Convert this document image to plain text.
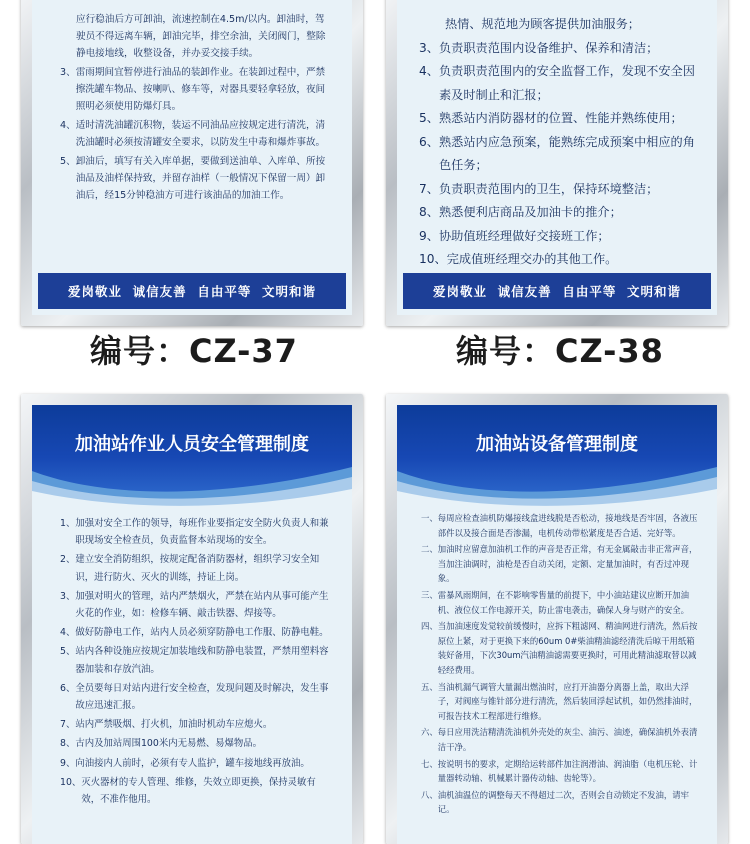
应行稳油后方可卸油，流速控制在4.5m/以内。卸油时，驾驶员不得远离车辆，卸油完毕，排空余油，关闭阀门，整除静电接地线，收整设备，并办妥交接手续。
3、 雷雨期间宜暂停进行油品的装卸作业。在装卸过程中，严禁擦洗罐车物品、按喇叭、修车等，对器具要轻拿轻放，夜间照明必须使用防爆灯具。
4、 适时清洗油罐沉积物，装运不同油品应按规定进行清洗，清洗油罐时必须按清罐安全要求，以防发生中毒和爆炸事故。
5、 卸油后，填写有关入库单据，要做到送油单、入库单、所按油品及油样保持致，并留存油样（一般情况下保留一周）卸油后，经15分钟稳油方可进行该油品的加油工作。
爱岗敬业  诚信友善  自由平等  文明和谐
热情、规范地为顾客提供加油服务；
3、 负责职责范围内设备维护、保养和清洁；
4、 负责职责范围内的安全监督工作，发现不安全因素及时制止和汇报；
5、 熟悉站内消防器材的位置、性能并熟练使用；
6、 熟悉站内应急预案，能熟练完成预案中相应的角色任务；
7、 负责职责范围内的卫生，保持环境整洁；
8、 熟悉便利店商品及加油卡的推介；
9、 协助值班经理做好交接班工作；
10、 完成值班经理交办的其他工作。
爱岗敬业  诚信友善  自由平等  文明和谐
编号：CZ-37	编号：CZ-38
加油站作业人员安全管理制度
1、 加强对安全工作的领导，每班作业要指定安全防火负责人和兼职现场安全检查员，负责监督本站现场的安全。
2、 建立安全消防组织，按规定配备消防器材，组织学习安全知识，进行防火、灭火的训练，持证上岗。
3、 加强对明火的管理，站内严禁烟火，严禁在站内从事可能产生火花的作业，如：检修车辆、敲击铁器、焊接等。
4、 做好防静电工作，站内人员必须穿防静电工作服、防静电鞋。
5、 站内各种设施应按规定加装地线和防静电装置，严禁用塑料容器加装和存放汽油。
6、 全员要每日对站内进行安全检查，发现问题及时解决，发生事故应迅速汇报。
7、 站内严禁吸烟、打火机，加油时机动车应熄火。
8、 古内及加站周围100米内无易燃、易爆物品。
9、 向油接内人前时，必须有专人监护，罐车接地线再放油。
10、 灭火器材的专人管理、维修，失效立即更换，保持灵敏有效，不准作他用。
加油站设备管理制度
一、 每周应检查油机防爆接线盒进线脱是否松动，接地线是否牢固，各液压部件以及接合面是否渗漏，电机传动带松紧度是否合适、完好等。
二、 加油时应留意加油机工作的声音是否正常，有无金属敲击非正常声音，当加注油调时，油枪是否自动关闭，定额、定量加油时，有否过冲现象。
三、 雷暴风雨期间，在不影响零售量的前提下，中小油站建议应断开加油机、液位仪工作电源开关，防止雷电袭击，确保人身与财产的安全。
四、 当加油速度发觉较前缓慢时，应拆下粗滤网、精油网进行清洗，然后按原位上紧，对于更换下来的60um 0#柴油精油滤经清洗后晾干用纸箱装好备用，下次30um汽油精油滤需要更换时，可用此精油滤取替以减轻经费用。
五、 当油机漏气调管大量漏出燃油时，应打开油器分离器上盖，取出大浮子，对阀座与锥针部分进行清洗，然后装回浮起试机，如仍然排油时，可报告技术工程部进行维修。
六、 每日应用洗洁精清洗油机外壳处的灰尘、油污、油迹，确保油机外表清洁干净。
七、 按说明书的要求，定期给运转部件加注润滑油、润油脂（电机压轮、计量器转动轴、机械累计器传动轴、齿轮等）。
八、 油机油温位的调整每天不得超过二次，否则会自动锁定不发油，请牢记。
